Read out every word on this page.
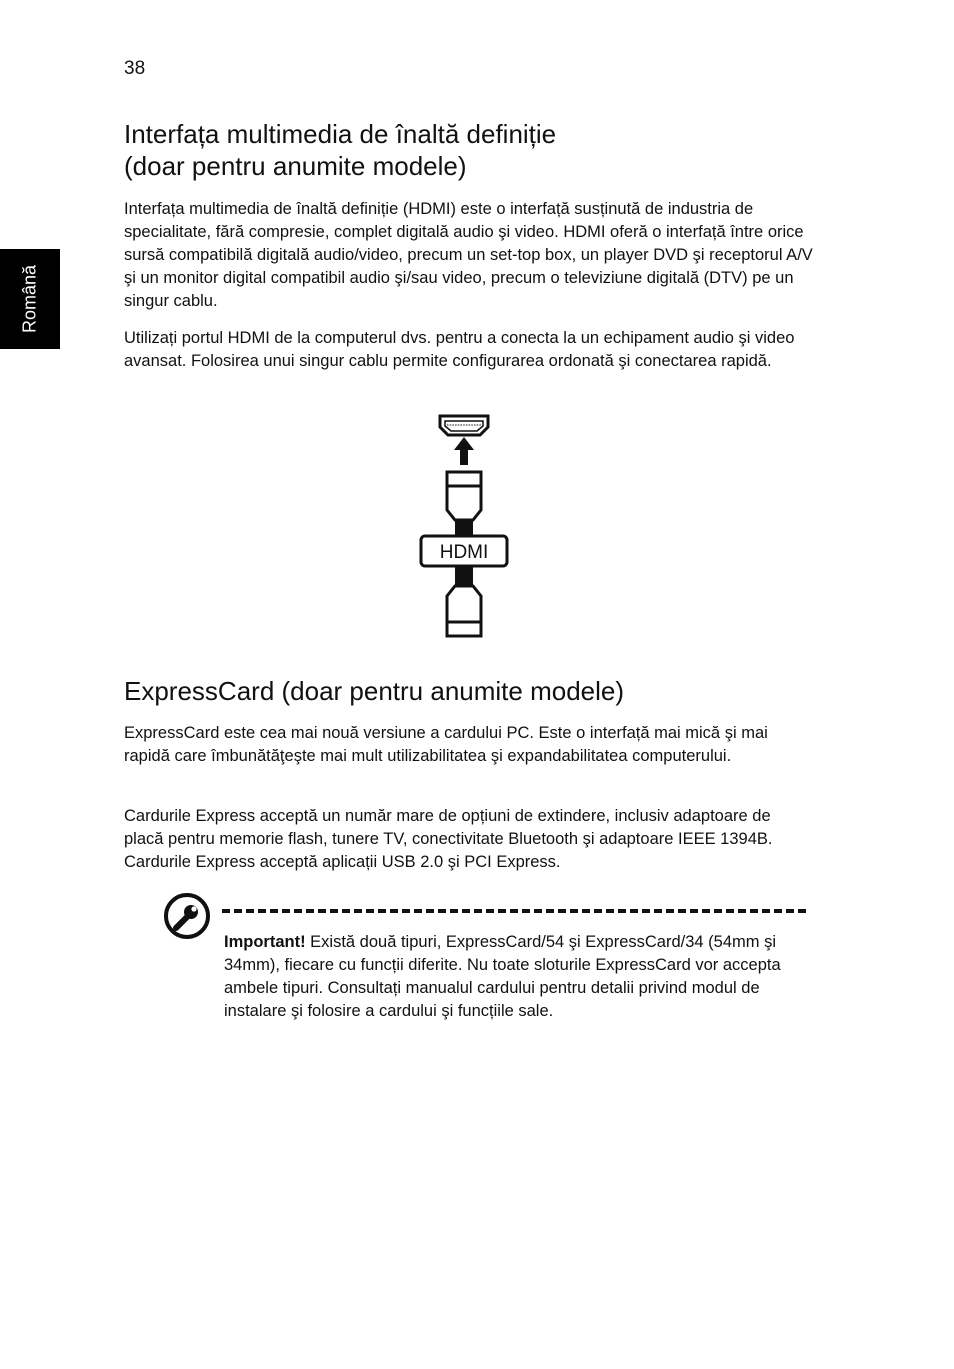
38
Română
Interfața multimedia de înaltă definiție
(doar pentru anumite modele)

Interfața multimedia de înaltă definiție (HDMI) este o interfață susținută de industria de specialitate, fără compresie, complet digitală audio şi video. HDMI oferă o interfață între orice sursă compatibilă digitală audio/video, precum un set-top box, un player DVD şi receptorul A/V şi un monitor digital compatibil audio şi/sau video, precum o televiziune digitală (DTV) pe un singur cablu.

Utilizați portul HDMI de la computerul dvs. pentru a conecta la un echipament audio şi video avansat. Folosirea unui singur cablu permite configurarea ordonată şi conectarea rapidă.

HDMI
ExpressCard (doar pentru anumite modele)

ExpressCard este cea mai nouă versiune a cardului PC. Este o interfață mai mică şi mai rapidă care îmbunătăţeşte mai mult utilizabilitatea şi expandabilitatea computerului.

Cardurile Express acceptă un număr mare de opțiuni de extindere, inclusiv adaptoare de placă pentru memorie flash, tunere TV, conectivitate Bluetooth şi adaptoare IEEE 1394B. Cardurile Express acceptă aplicații USB 2.0 şi PCI Express.

Important! Există două tipuri, ExpressCard/54 şi ExpressCard/34 (54mm şi 34mm), fiecare cu funcții diferite. Nu toate sloturile ExpressCard vor accepta ambele tipuri. Consultați manualul cardului pentru detalii privind modul de instalare şi folosire a cardului şi funcțiile sale.
